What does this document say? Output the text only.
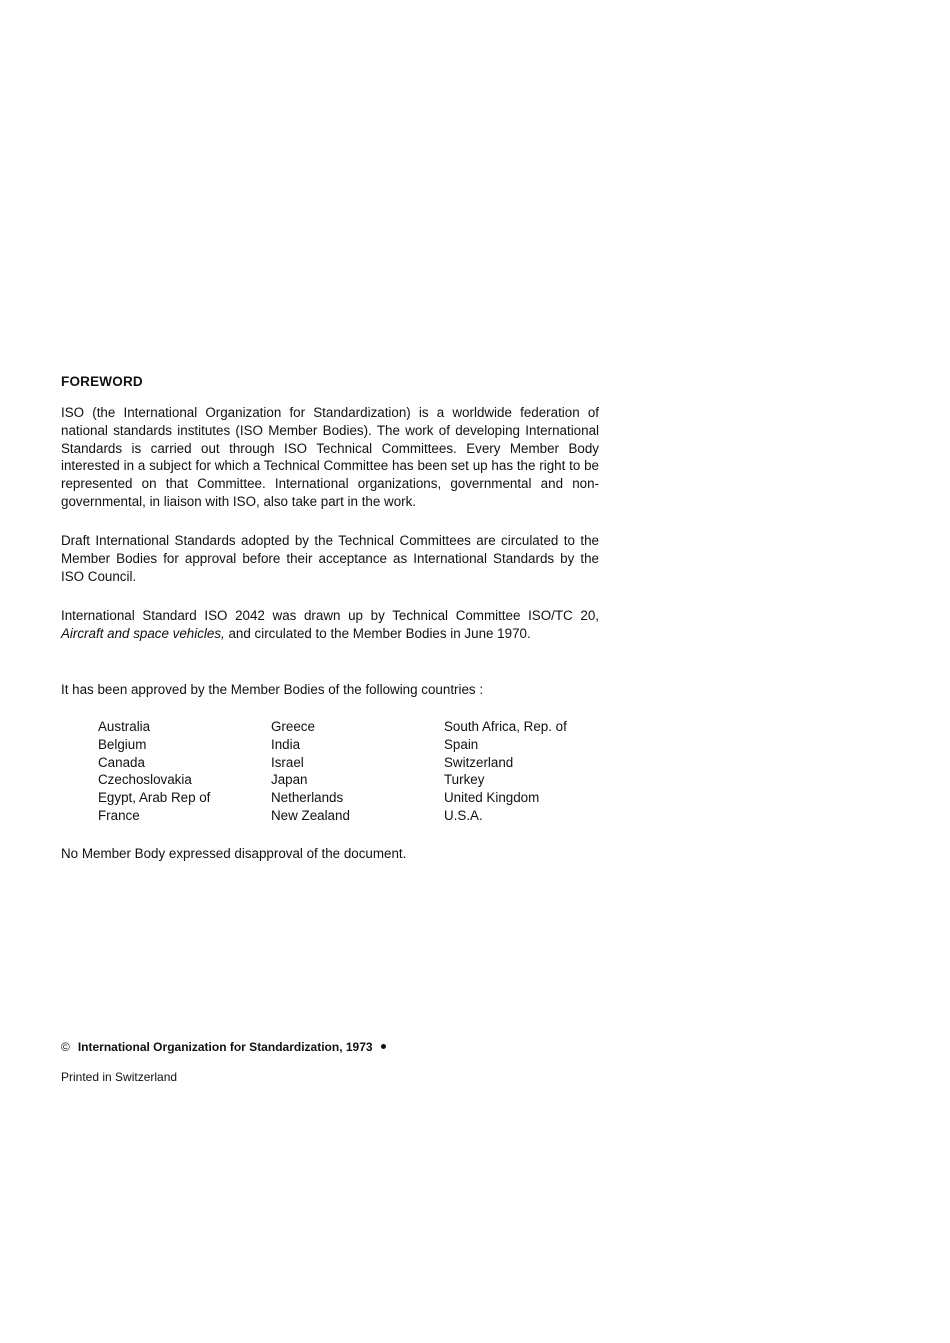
FOREWORD

ISO (the International Organization for Standardization) is a worldwide federation of national standards institutes (ISO Member Bodies). The work of developing International Standards is carried out through ISO Technical Committees. Every Member Body interested in a subject for which a Technical Committee has been set up has the right to be represented on that Committee. International organizations, governmental and non-governmental, in liaison with ISO, also take part in the work.

Draft International Standards adopted by the Technical Committees are circulated to the Member Bodies for approval before their acceptance as International Standards by the ISO Council.

International Standard ISO 2042 was drawn up by Technical Committee ISO/TC 20, Aircraft and space vehicles, and circulated to the Member Bodies in June 1970.

It has been approved by the Member Bodies of the following countries :

Australia
Belgium
Canada
Czechoslovakia
Egypt, Arab Rep of
France
Greece
India
Israel
Japan
Netherlands
New Zealand
South Africa, Rep. of
Spain
Switzerland
Turkey
United Kingdom
U.S.A.

No Member Body expressed disapproval of the document.

© International Organization for Standardization, 1973
Printed in Switzerland
